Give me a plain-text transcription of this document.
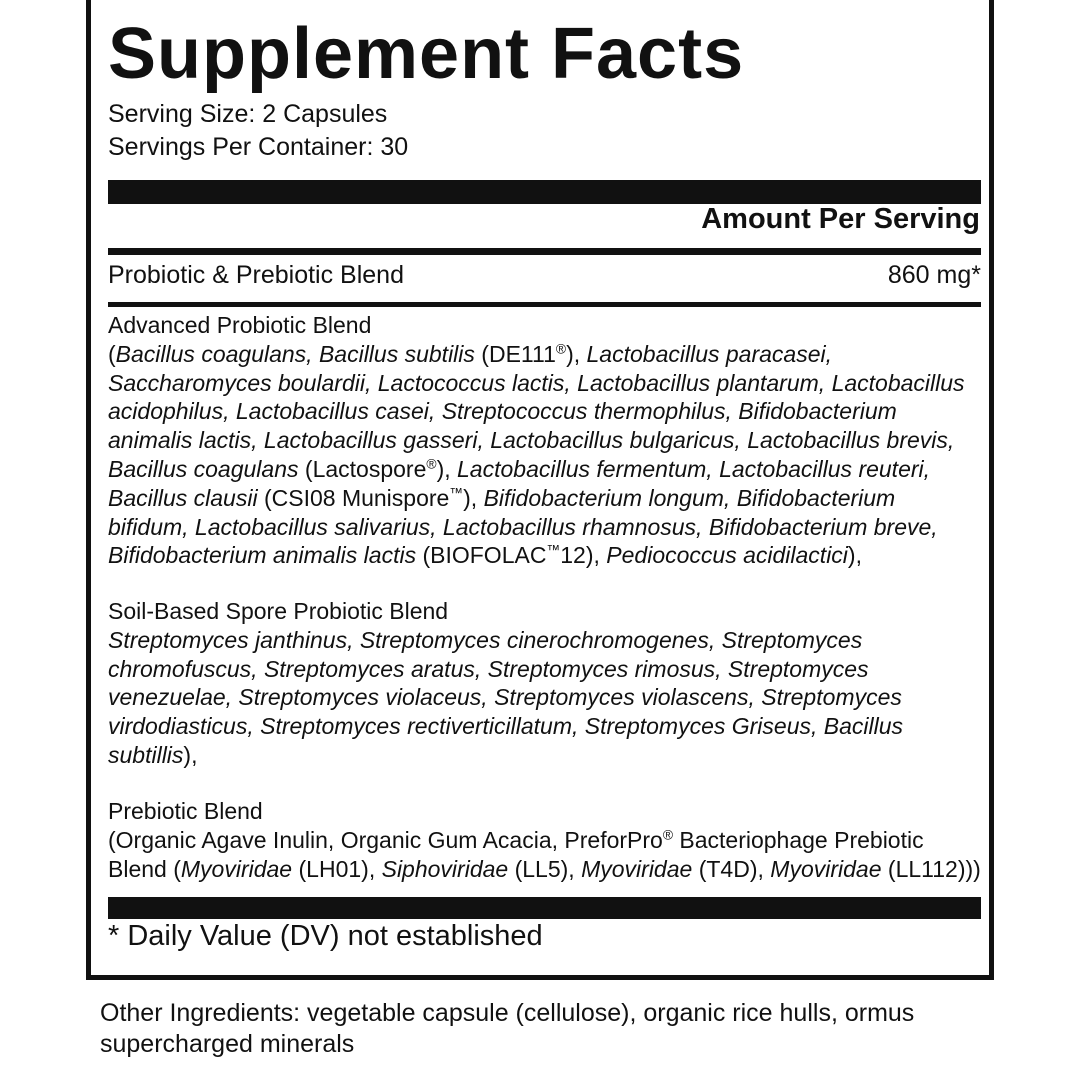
Supplement Facts
Serving Size: 2 Capsules
Servings Per Container: 30
Amount Per Serving
Probiotic & Prebiotic Blend	860 mg*
Advanced Probiotic Blend
(Bacillus coagulans, Bacillus subtilis (DE111®), Lactobacillus paracasei, Saccharomyces boulardii, Lactococcus lactis, Lactobacillus plantarum, Lactobacillus acidophilus, Lactobacillus casei, Streptococcus thermophilus, Bifidobacterium animalis lactis, Lactobacillus gasseri, Lactobacillus bulgaricus, Lactobacillus brevis, Bacillus coagulans (Lactospore®), Lactobacillus fermentum, Lactobacillus reuteri, Bacillus clausii (CSI08 Munispore™), Bifidobacterium longum, Bifidobacterium bifidum, Lactobacillus salivarius, Lactobacillus rhamnosus, Bifidobacterium breve, Bifidobacterium animalis lactis (BIOFOLAC™12), Pediococcus acidilactici),
Soil-Based Spore Probiotic Blend
Streptomyces janthinus, Streptomyces cinerochromogenes, Streptomyces chromofuscus, Streptomyces aratus, Streptomyces rimosus, Streptomyces venezuelae, Streptomyces violaceus, Streptomyces violascens, Streptomyces virdodiasticus, Streptomyces rectiverticillatum, Streptomyces Griseus, Bacillus subtillis),
Prebiotic Blend
(Organic Agave Inulin, Organic Gum Acacia, PreforPro® Bacteriophage Prebiotic Blend (Myoviridae (LH01), Siphoviridae (LL5), Myoviridae (T4D), Myoviridae (LL112)))
* Daily Value (DV) not established
Other Ingredients: vegetable capsule (cellulose), organic rice hulls, ormus supercharged minerals
